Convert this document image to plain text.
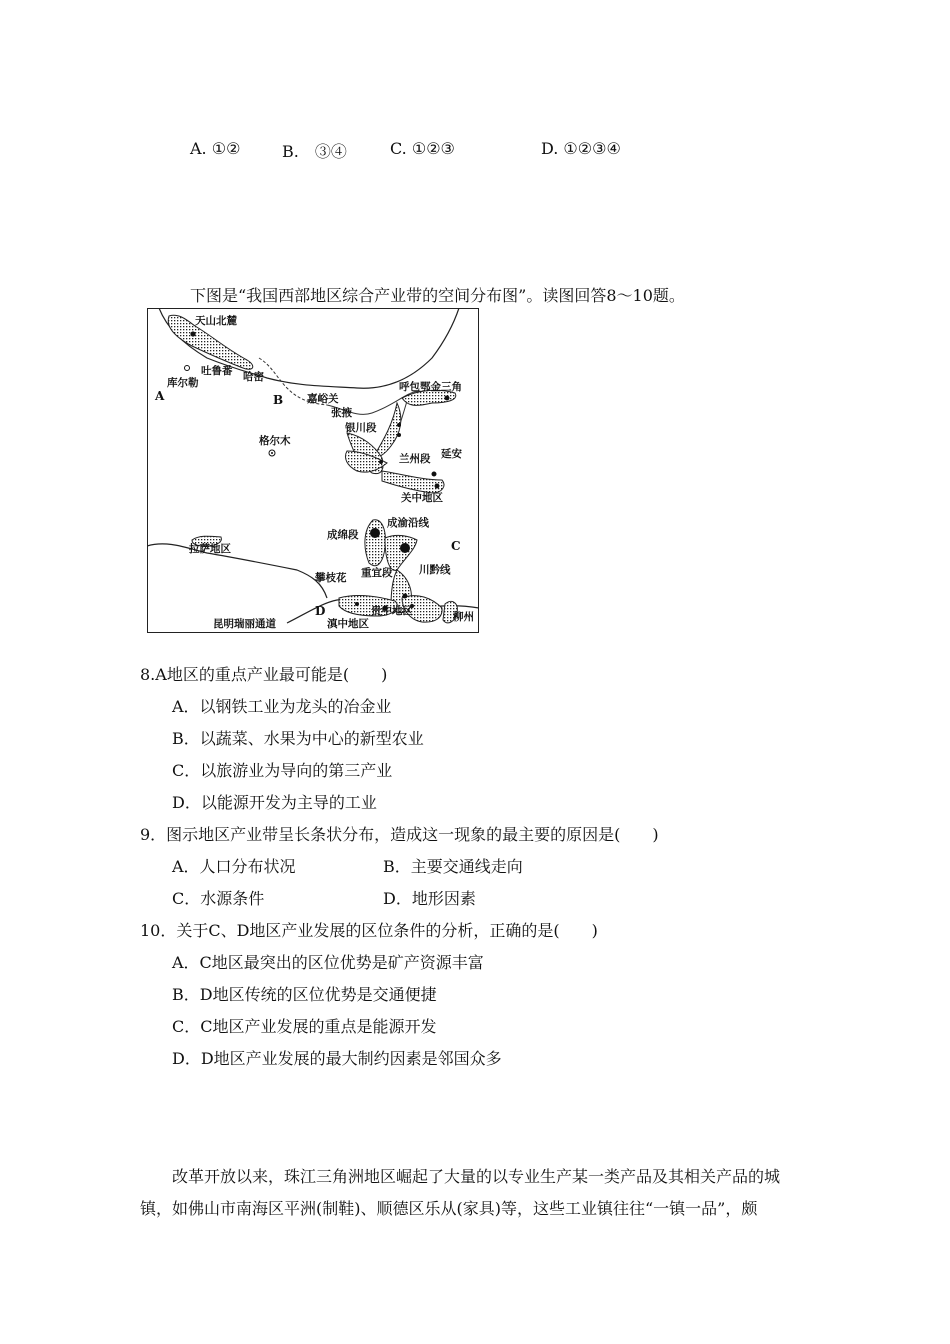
A. ①②	B.　③④	C. ①②③	D. ①②③④
下图是“我国西部地区综合产业带的空间分布图”。读图回答8～10题。
天山北麓
吐鲁番
库尔勒	哈密
A	B 嘉峪关
呼包鄂金三角
张掖
银川段
格尔木
兰州段 延安
关中地区
成渝沿线
成绵段
C
拉萨地区
川黔线
攀枝花 重宜段
D	贵中地区	柳州
昆明瑞丽通道	滇中地区
8.A地区的重点产业最可能是(　　)
A．以钢铁工业为龙头的冶金业
B．以蔬菜、水果为中心的新型农业
C．以旅游业为导向的第三产业
D．以能源开发为主导的工业
9．图示地区产业带呈长条状分布，造成这一现象的最主要的原因是(　　)
A．人口分布状况	B．主要交通线走向
C．水源条件	D．地形因素
10．关于C、D地区产业发展的区位条件的分析，正确的是(　　)
A．C地区最突出的区位优势是矿产资源丰富
B．D地区传统的区位优势是交通便捷
C．C地区产业发展的重点是能源开发
D．D地区产业发展的最大制约因素是邻国众多
改革开放以来，珠江三角洲地区崛起了大量的以专业生产某一类产品及其相关产品的城
镇，如佛山市南海区平洲(制鞋)、顺德区乐从(家具)等，这些工业镇往往“一镇一品”，颇
